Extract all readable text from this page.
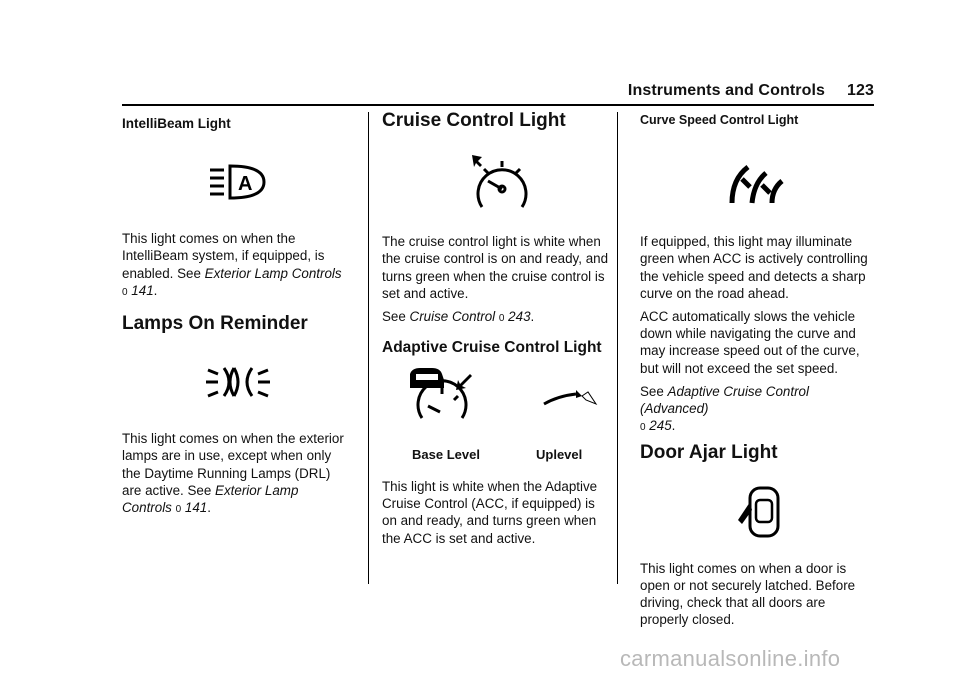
Instruments and Controls 123
IntelliBeam Light
A

This light comes on when the IntelliBeam system, if equipped, is enabled. See Exterior Lamp Controls 0 141.

Lamps On Reminder

This light comes on when the exterior lamps are in use, except when only the Daytime Running Lamps (DRL) are active. See Exterior Lamp Controls 0 141.

Cruise Control Light

The cruise control light is white when the cruise control is on and ready, and turns green when the cruise control is set and active.

See Cruise Control 0 243.

Adaptive Cruise Control Light
Base Level	Uplevel

This light is white when the Adaptive Cruise Control (ACC, if equipped) is on and ready, and turns green when the ACC is set and active.

Curve Speed Control Light

If equipped, this light may illuminate green when ACC is actively controlling the vehicle speed and detects a sharp curve on the road ahead.

ACC automatically slows the vehicle down while navigating the curve and may increase speed out of the curve, but will not exceed the set speed.

See Adaptive Cruise Control (Advanced)
0 245.

Door Ajar Light

This light comes on when a door is open or not securely latched. Before driving, check that all doors are properly closed.

carmanualsonline.info
